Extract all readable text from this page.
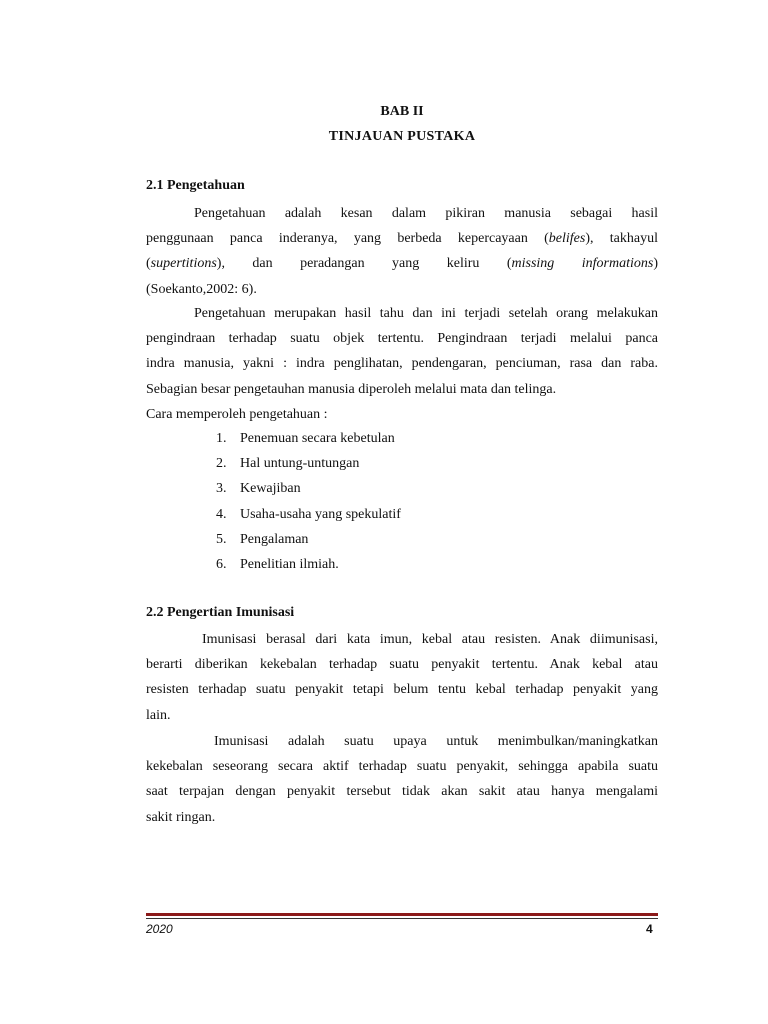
BAB II
TINJAUAN PUSTAKA
2.1 Pengetahuan
Pengetahuan adalah kesan dalam pikiran manusia sebagai hasil
penggunaan panca inderanya, yang berbeda kepercayaan (belifes), takhayul
(supertitions), dan peradangan yang keliru (missing informations)
(Soekanto,2002: 6).
Pengetahuan merupakan hasil tahu dan ini terjadi setelah orang melakukan
pengindraan terhadap suatu objek tertentu. Pengindraan terjadi melalui panca
indra manusia, yakni : indra penglihatan, pendengaran, penciuman, rasa dan raba.
Sebagian besar pengetauhan manusia diperoleh melalui mata dan telinga.

Cara memperoleh pengetahuan :

1. Penemuan secara kebetulan
2. Hal untung-untungan
3. Kewajiban
4. Usaha-usaha yang spekulatif
5. Pengalaman
6. Penelitian ilmiah.
2.2 Pengertian Imunisasi
Imunisasi berasal dari kata imun, kebal atau resisten. Anak diimunisasi,
berarti diberikan kekebalan terhadap suatu penyakit tertentu. Anak kebal atau
resisten terhadap suatu penyakit tetapi belum tentu kebal terhadap penyakit yang
lain.
Imunisasi adalah suatu upaya untuk menimbulkan/maningkatkan
kekebalan seseorang secara aktif terhadap suatu penyakit, sehingga apabila suatu
saat terpajan dengan penyakit tersebut tidak akan sakit atau hanya mengalami
sakit ringan.
2020	4
